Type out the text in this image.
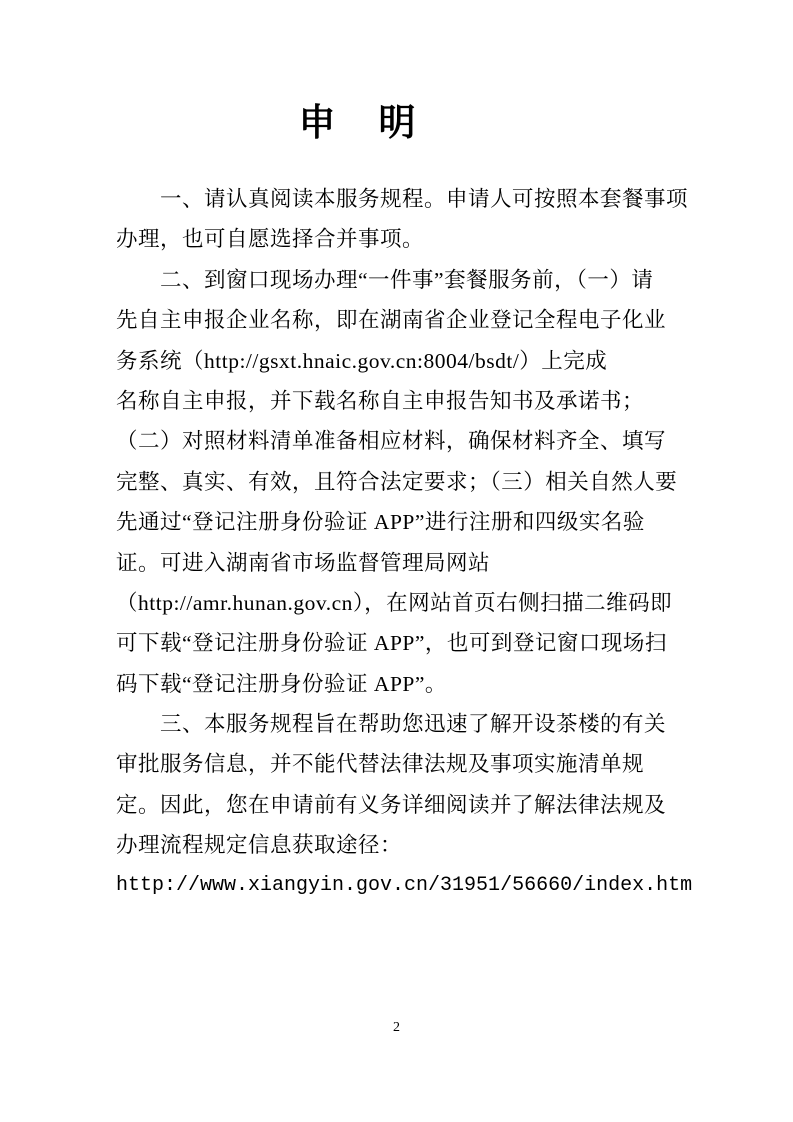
申　明
一、请认真阅读本服务规程。申请人可按照本套餐事项
办理，也可自愿选择合并事项。
二、到窗口现场办理“一件事”套餐服务前，（一）请
先自主申报企业名称，即在湖南省企业登记全程电子化业
务系统（http://gsxt.hnaic.gov.cn:8004/bsdt/）上完成
名称自主申报，并下载名称自主申报告知书及承诺书；
（二）对照材料清单准备相应材料，确保材料齐全、填写
完整、真实、有效，且符合法定要求；（三）相关自然人要
先通过“登记注册身份验证 APP”进行注册和四级实名验
证。可进入湖南省市场监督管理局网站
（http://amr.hunan.gov.cn），在网站首页右侧扫描二维码即
可下载“登记注册身份验证 APP”，也可到登记窗口现场扫
码下载“登记注册身份验证 APP”。
三、本服务规程旨在帮助您迅速了解开设茶楼的有关
审批服务信息，并不能代替法律法规及事项实施清单规
定。因此，您在申请前有义务详细阅读并了解法律法规及
办理流程规定信息获取途径：
http://www.xiangyin.gov.cn/31951/56660/index.htm
2
